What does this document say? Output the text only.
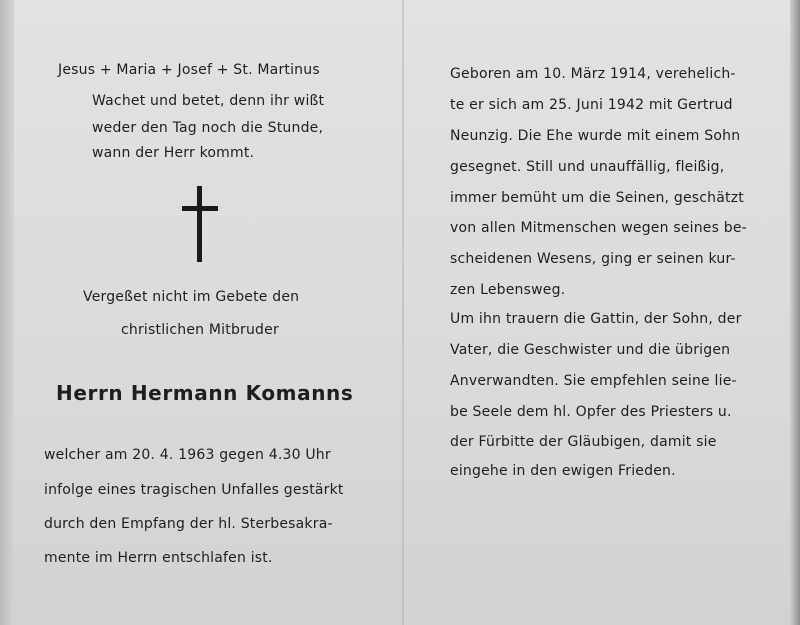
Jesus + Maria + Josef + St. Martinus
Wachet und betet, denn ihr wißt
weder den Tag noch die Stunde,
wann der Herr kommt.
Vergeßet nicht im Gebete den
christlichen Mitbruder
Herrn Hermann Komanns
welcher am 20. 4. 1963 gegen 4.30 Uhr
infolge eines tragischen Unfalles gestärkt
durch den Empfang der hl. Sterbesakra-
mente im Herrn entschlafen ist.
Geboren am 10. März 1914, verehelich-
te er sich am 25. Juni 1942 mit Gertrud
Neunzig. Die Ehe wurde mit einem Sohn
gesegnet. Still und unauffällig, fleißig,
immer bemüht um die Seinen, geschätzt
von allen Mitmenschen wegen seines be-
scheidenen Wesens, ging er seinen kur-
zen Lebensweg.
Um ihn trauern die Gattin, der Sohn, der
Vater, die Geschwister und die übrigen
Anverwandten. Sie empfehlen seine lie-
be Seele dem hl. Opfer des Priesters u.
der Fürbitte der Gläubigen, damit sie
eingehe in den ewigen Frieden.
